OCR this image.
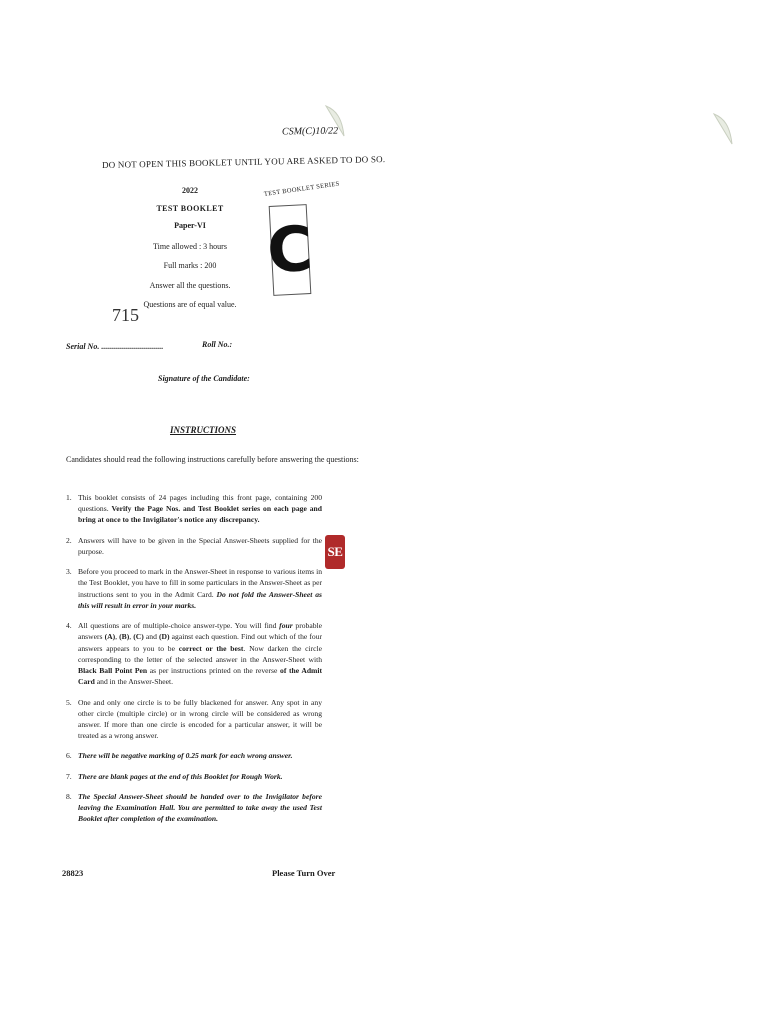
CSM(C)10/22
DO NOT OPEN THIS BOOKLET UNTIL YOU ARE ASKED TO DO SO.
2022
TEST BOOKLET
Paper-VI
Time allowed : 3 hours
Full marks : 200
Answer all the questions.
Questions are of equal value.
TEST BOOKLET SERIES
C
715
Serial No. ...............................	Roll No.:
Signature of the Candidate:
INSTRUCTIONS
Candidates should read the following instructions carefully before answering the questions:
1. This booklet consists of 24 pages including this front page, containing 200 questions. Verify the Page Nos. and Test Booklet series on each page and bring at once to the Invigilator's notice any discrepancy.
2. Answers will have to be given in the Special Answer-Sheets supplied for the purpose.
3. Before you proceed to mark in the Answer-Sheet in response to various items in the Test Booklet, you have to fill in some particulars in the Answer-Sheet as per instructions sent to you in the Admit Card. Do not fold the Answer-Sheet as this will result in error in your marks.
4. All questions are of multiple-choice answer-type. You will find four probable answers (A), (B), (C) and (D) against each question. Find out which of the four answers appears to you to be correct or the best. Now darken the circle corresponding to the letter of the selected answer in the Answer-Sheet with Black Ball Point Pen as per instructions printed on the reverse of the Admit Card and in the Answer-Sheet.
5. One and only one circle is to be fully blackened for answer. Any spot in any other circle (multiple circle) or in wrong circle will be considered as wrong answer. If more than one circle is encoded for a particular answer, it will be treated as a wrong answer.
6. There will be negative marking of 0.25 mark for each wrong answer.
7. There are blank pages at the end of this Booklet for Rough Work.
8. The Special Answer-Sheet should be handed over to the Invigilator before leaving the Examination Hall. You are permitted to take away the used Test Booklet after completion of the examination.
28823	Please Turn Over
SE
